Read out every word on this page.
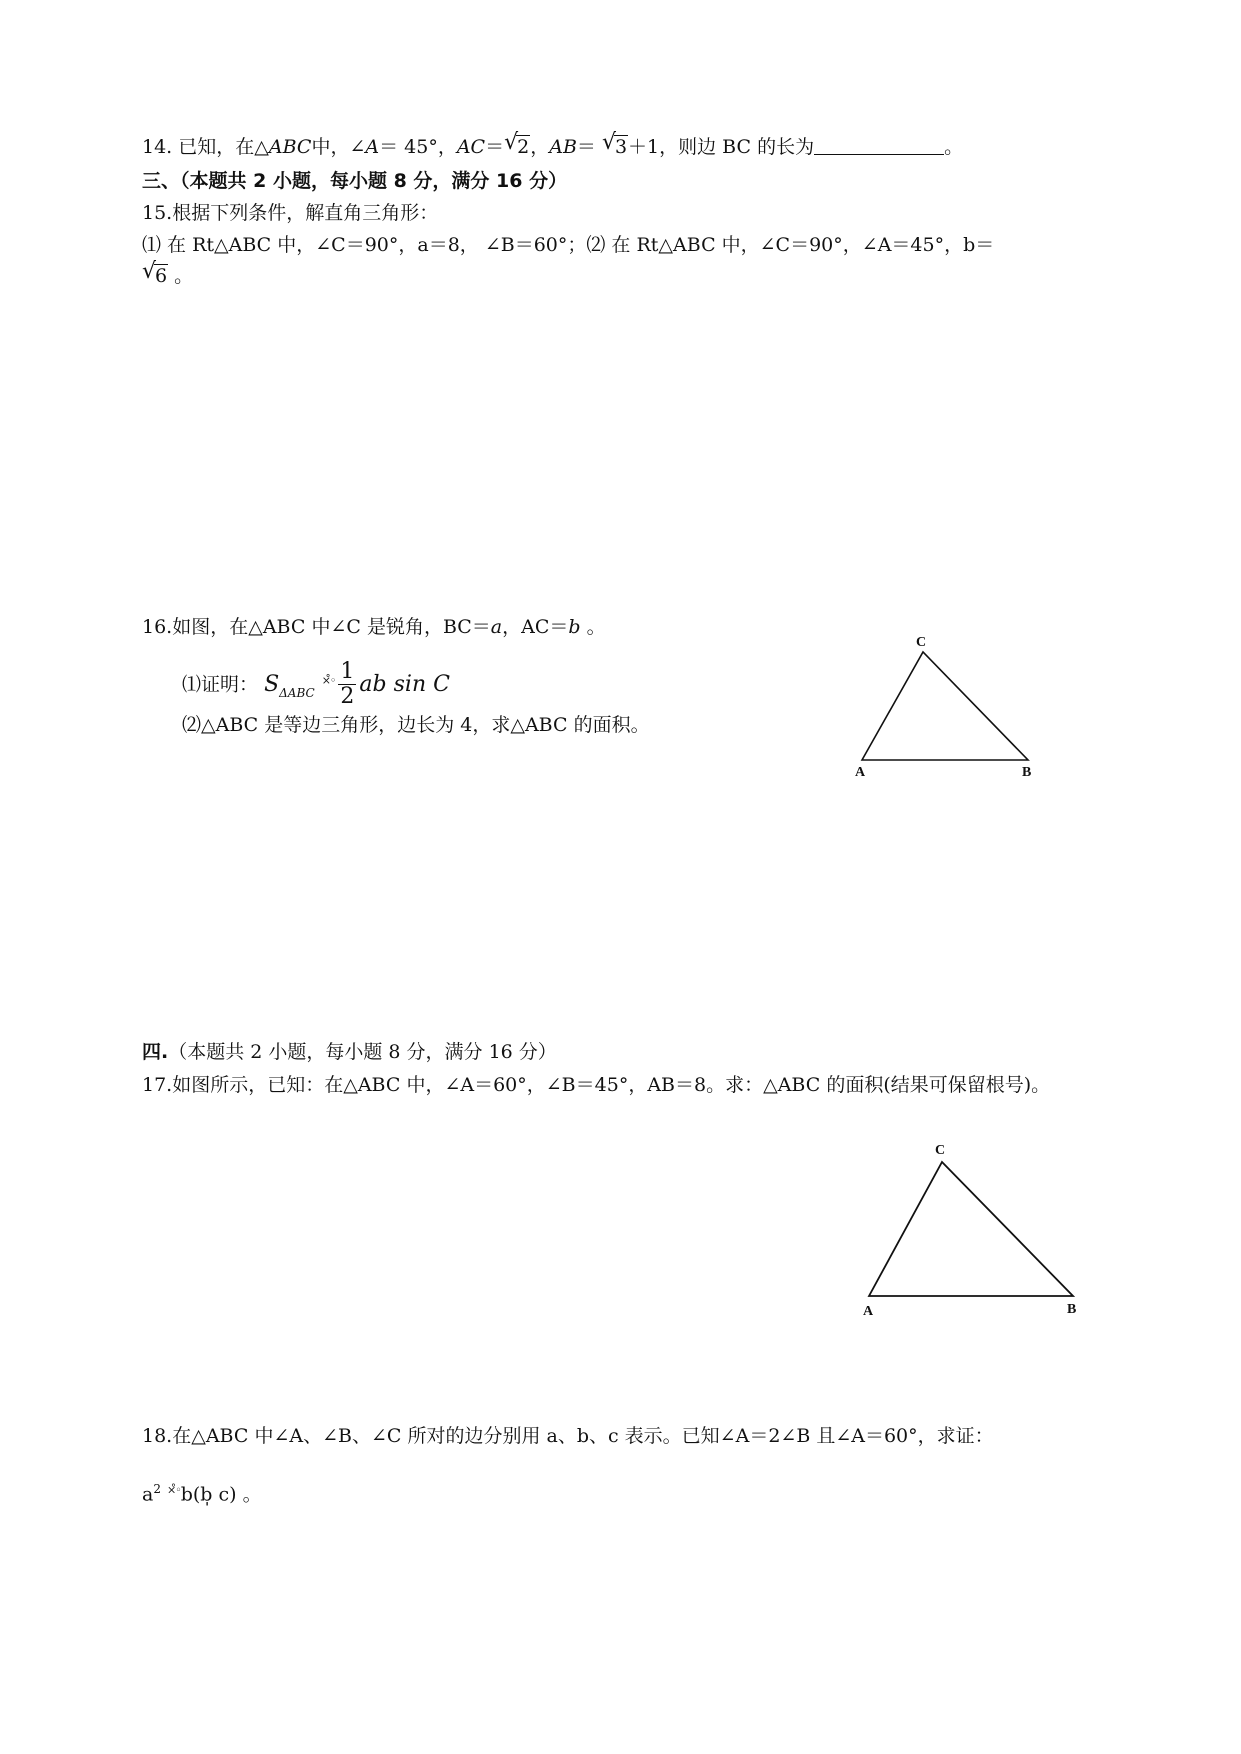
14. 已知，在△ABC中，∠A＝ 45°，AC＝ √
2，AB＝ √
3＋1，则边 BC 的长为	。
三、（本题共 2 小题，每小题 8 分，满分 16 分）
15.根据下列条件，解直角三角形：
⑴ 在 Rt△ABC 中，∠C＝90°，a＝8， ∠B＝60°；⑵ 在 Rt△ABC 中，∠C＝90°，∠A＝45°，b＝
√
6 。
16.如图，在△ABC 中∠C 是锐角，BC＝a，AC＝b 。
⑴证明： $S_{\Delta ABC}$ $^{\times̊◦} \frac{1}{2}$ ab sin C
⑵△ABC 是等边三角形，边长为 4，求△ABC 的面积。
C
A	B
四.（本题共 2 小题，每小题 8 分，满分 16 分）
17.如图所示，已知：在△ABC 中，∠A＝60°，∠B＝45°，AB＝8。求：△ABC 的面积(结果可保留根号)。
C
A	B
18.在△ABC 中∠A、∠B、∠C 所对的边分别用 a、b、c 表示。已知∠A＝2∠B 且∠A＝60°，求证：
$a^2$ ×̊◦b(b̩ c) 。
